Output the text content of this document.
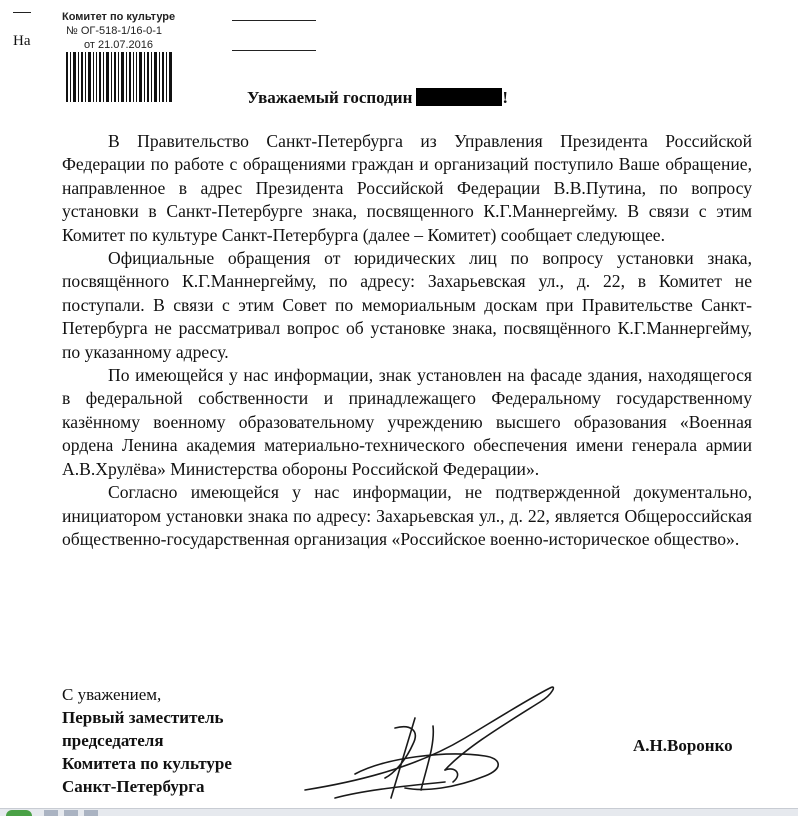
На
Комитет по культуре
№ ОГ-518-1/16-0-1
от 21.07.2016
Уважаемый господин	!

В Правительство Санкт-Петербурга из Управления Президента Российской Федерации по работе с обращениями граждан и организаций поступило Ваше обращение, направленное в адрес Президента Российской Федерации В.В.Путина, по вопросу установки в Санкт-Петербурге знака, посвященного К.Г.Маннергейму. В связи с этим Комитет по культуре Санкт-Петербурга (далее – Комитет) сообщает следующее.

Официальные обращения от юридических лиц по вопросу установки знака, посвящённого К.Г.Маннергейму, по адресу: Захарьевская ул., д. 22, в Комитет не поступали. В связи с этим Совет по мемориальным доскам при Правительстве Санкт-Петербурга не рассматривал вопрос об установке знака, посвящённого К.Г.Маннергейму, по указанному адресу.

По имеющейся у нас информации, знак установлен на фасаде здания, находящегося в федеральной собственности и принадлежащего Федеральному государственному казённому военному образовательному учреждению высшего образования «Военная ордена Ленина академия материально-технического обеспечения имени генерала армии А.В.Хрулёва» Министерства обороны Российской Федерации».

Согласно имеющейся у нас информации, не подтвержденной документально, инициатором установки знака по адресу: Захарьевская ул., д. 22, является Общероссийская общественно-государственная организация «Российское военно-историческое общество».

С уважением,
Первый заместитель
председателя
Комитета по культуре
Санкт-Петербурга
А.Н.Воронко
